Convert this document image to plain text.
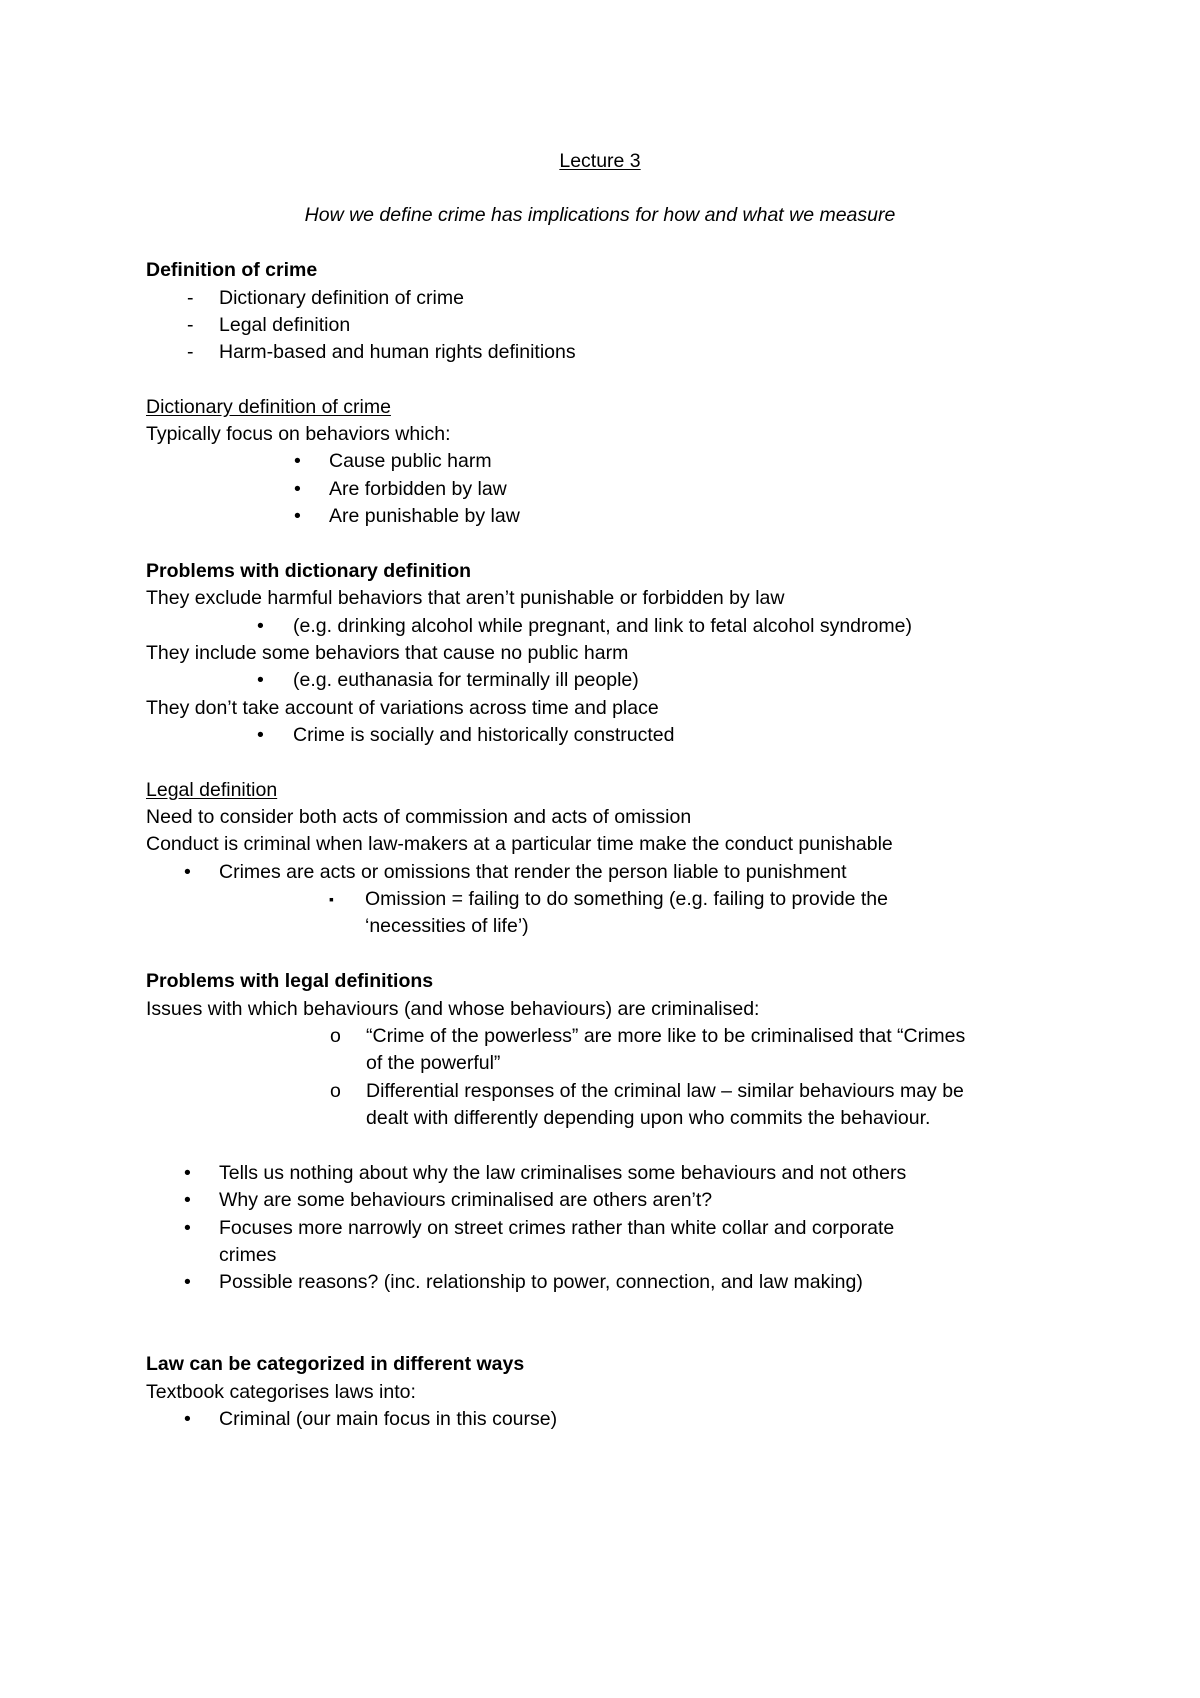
Lecture 3
How we define crime has implications for how and what we measure
Definition of crime
- Dictionary definition of crime
- Legal definition
- Harm-based and human rights definitions
Dictionary definition of crime
Typically focus on behaviors which:
• Cause public harm
• Are forbidden by law
• Are punishable by law
Problems with dictionary definition
They exclude harmful behaviors that aren’t punishable or forbidden by law
• (e.g. drinking alcohol while pregnant, and link to fetal alcohol syndrome)
They include some behaviors that cause no public harm
• (e.g. euthanasia for terminally ill people)
They don’t take account of variations across time and place
• Crime is socially and historically constructed
Legal definition
Need to consider both acts of commission and acts of omission
Conduct is criminal when law-makers at a particular time make the conduct punishable
• Crimes are acts or omissions that render the person liable to punishment
▪ Omission = failing to do something (e.g. failing to provide the
‘necessities of life’)
Problems with legal definitions
Issues with which behaviours (and whose behaviours) are criminalised:
o “Crime of the powerless” are more like to be criminalised that “Crimes
of the powerful”
o Differential responses of the criminal law – similar behaviours may be
dealt with differently depending upon who commits the behaviour.
• Tells us nothing about why the law criminalises some behaviours and not others
• Why are some behaviours criminalised are others aren’t?
• Focuses more narrowly on street crimes rather than white collar and corporate
crimes
• Possible reasons? (inc. relationship to power, connection, and law making)
Law can be categorized in different ways
Textbook categorises laws into:
• Criminal (our main focus in this course)
